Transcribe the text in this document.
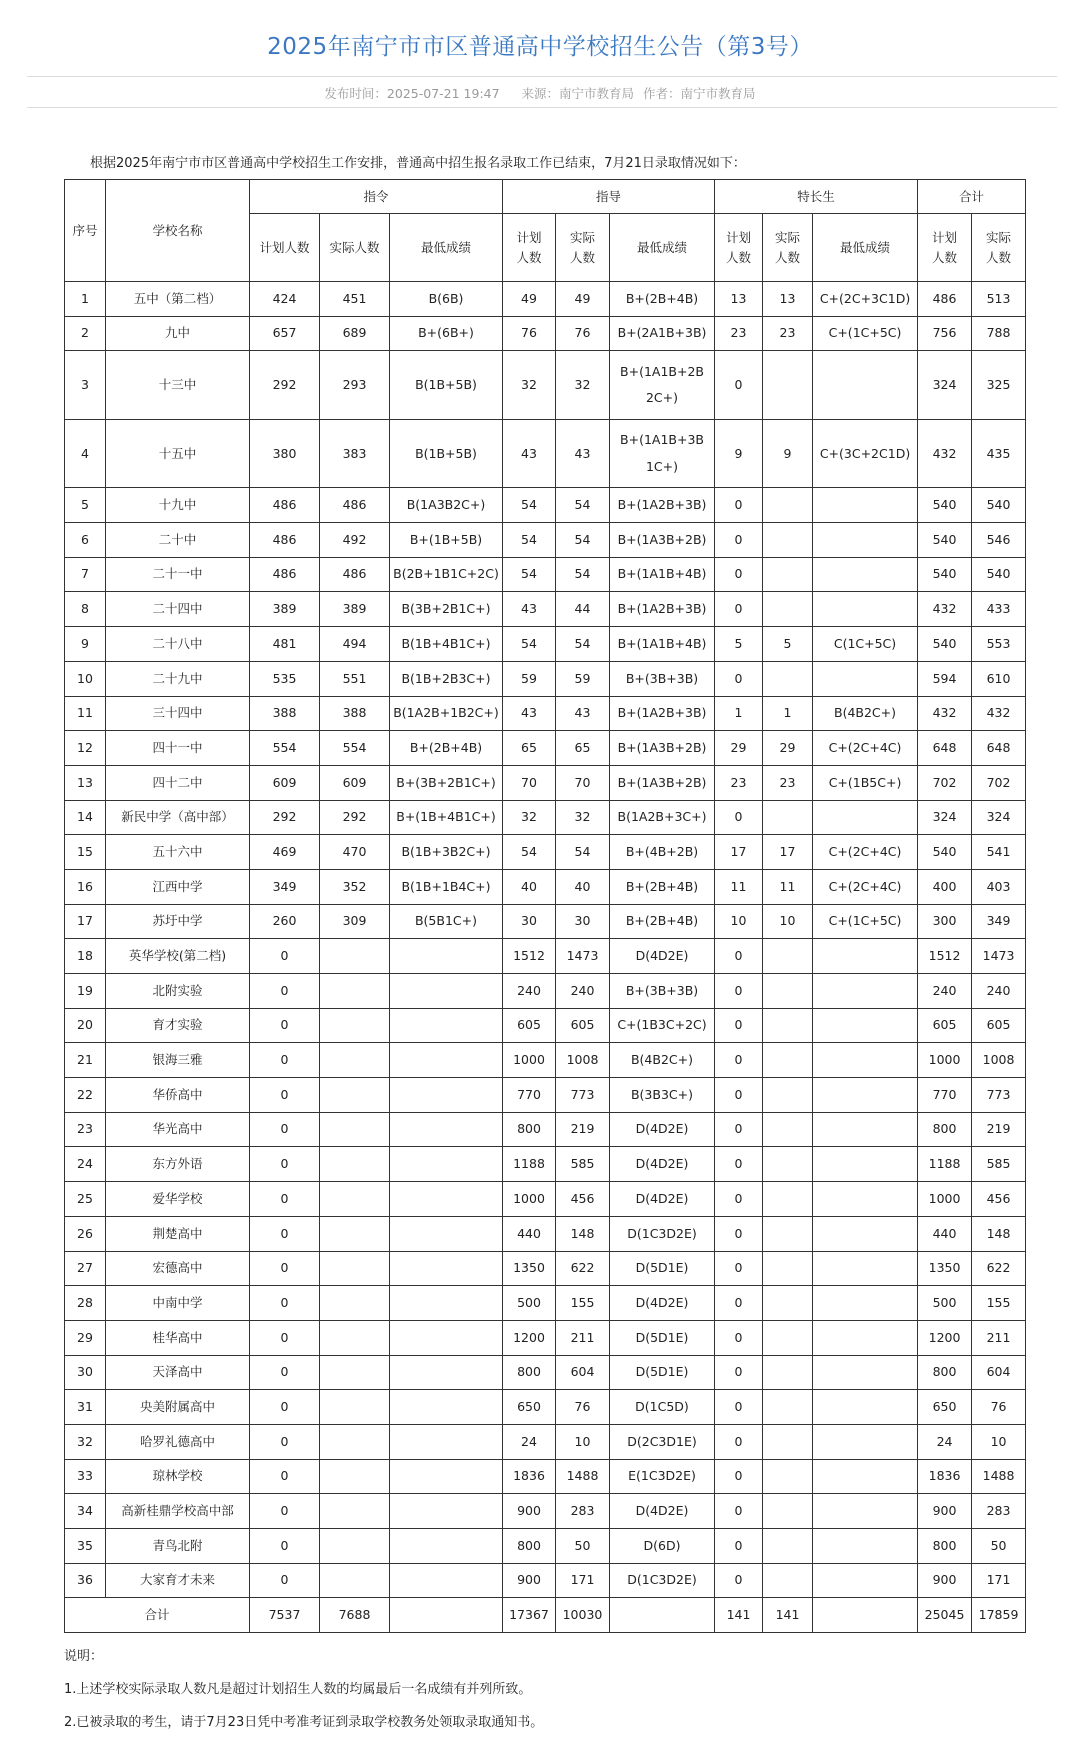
2025年南宁市市区普通高中学校招生公告（第3号）
发布时间：2025-07-21 19:47 来源：南宁市教育局 作者：南宁市教育局
根据2025年南宁市市区普通高中学校招生工作安排，普通高中招生报名录取工作已结束，7月21日录取情况如下：
序号	学校名称	指令			指导			特长生			合计	
		计划人数	实际人数	最低成绩	计划人数	实际人数	最低成绩	计划人数	实际人数	最低成绩	计划人数	实际人数

1	五中（第二档）	424	451	B(6B)	49	49	B+(2B+4B)	13	13	C+(2C+3C1D)	486	513
2	九中	657	689	B+(6B+)	76	76	B+(2A1B+3B)	23	23	C+(1C+5C)	756	788
3	十三中	292	293	B(1B+5B)	32	32	B+(1A1B+2B2C+)	0			324	325
4	十五中	380	383	B(1B+5B)	43	43	B+(1A1B+3B1C+)	9	9	C+(3C+2C1D)	432	435
5	十九中	486	486	B(1A3B2C+)	54	54	B+(1A2B+3B)	0			540	540
6	二十中	486	492	B+(1B+5B)	54	54	B+(1A3B+2B)	0			540	546
7	二十一中	486	486	B(2B+1B1C+2C)	54	54	B+(1A1B+4B)	0			540	540
8	二十四中	389	389	B(3B+2B1C+)	43	44	B+(1A2B+3B)	0			432	433
9	二十八中	481	494	B(1B+4B1C+)	54	54	B+(1A1B+4B)	5	5	C(1C+5C)	540	553
10	二十九中	535	551	B(1B+2B3C+)	59	59	B+(3B+3B)	0			594	610
11	三十四中	388	388	B(1A2B+1B2C+)	43	43	B+(1A2B+3B)	1	1	B(4B2C+)	432	432
12	四十一中	554	554	B+(2B+4B)	65	65	B+(1A3B+2B)	29	29	C+(2C+4C)	648	648
13	四十二中	609	609	B+(3B+2B1C+)	70	70	B+(1A3B+2B)	23	23	C+(1B5C+)	702	702
14	新民中学（高中部）	292	292	B+(1B+4B1C+)	32	32	B(1A2B+3C+)	0			324	324
15	五十六中	469	470	B(1B+3B2C+)	54	54	B+(4B+2B)	17	17	C+(2C+4C)	540	541
16	江西中学	349	352	B(1B+1B4C+)	40	40	B+(2B+4B)	11	11	C+(2C+4C)	400	403
17	苏圩中学	260	309	B(5B1C+)	30	30	B+(2B+4B)	10	10	C+(1C+5C)	300	349
18	英华学校(第二档)	0			1512	1473	D(4D2E)	0			1512	1473
19	北附实验	0			240	240	B+(3B+3B)	0			240	240
20	育才实验	0			605	605	C+(1B3C+2C)	0			605	605
21	银海三雅	0			1000	1008	B(4B2C+)	0			1000	1008
22	华侨高中	0			770	773	B(3B3C+)	0			770	773
23	华光高中	0			800	219	D(4D2E)	0			800	219
24	东方外语	0			1188	585	D(4D2E)	0			1188	585
25	爱华学校	0			1000	456	D(4D2E)	0			1000	456
26	荆楚高中	0			440	148	D(1C3D2E)	0			440	148
27	宏德高中	0			1350	622	D(5D1E)	0			1350	622
28	中南中学	0			500	155	D(4D2E)	0			500	155
29	桂华高中	0			1200	211	D(5D1E)	0			1200	211
30	天泽高中	0			800	604	D(5D1E)	0			800	604
31	央美附属高中	0			650	76	D(1C5D)	0			650	76
32	哈罗礼德高中	0			24	10	D(2C3D1E)	0			24	10
33	琼林学校	0			1836	1488	E(1C3D2E)	0			1836	1488
34	高新桂鼎学校高中部	0			900	283	D(4D2E)	0			900	283
35	青鸟北附	0			800	50	D(6D)	0			800	50
36	大家育才未来	0			900	171	D(1C3D2E)	0			900	171
合计		7537	7688		17367	10030		141	141		25045	17859
说明：
1.上述学校实际录取人数凡是超过计划招生人数的均属最后一名成绩有并列所致。
2.已被录取的考生，请于7月23日凭中考准考证到录取学校教务处领取录取通知书。
